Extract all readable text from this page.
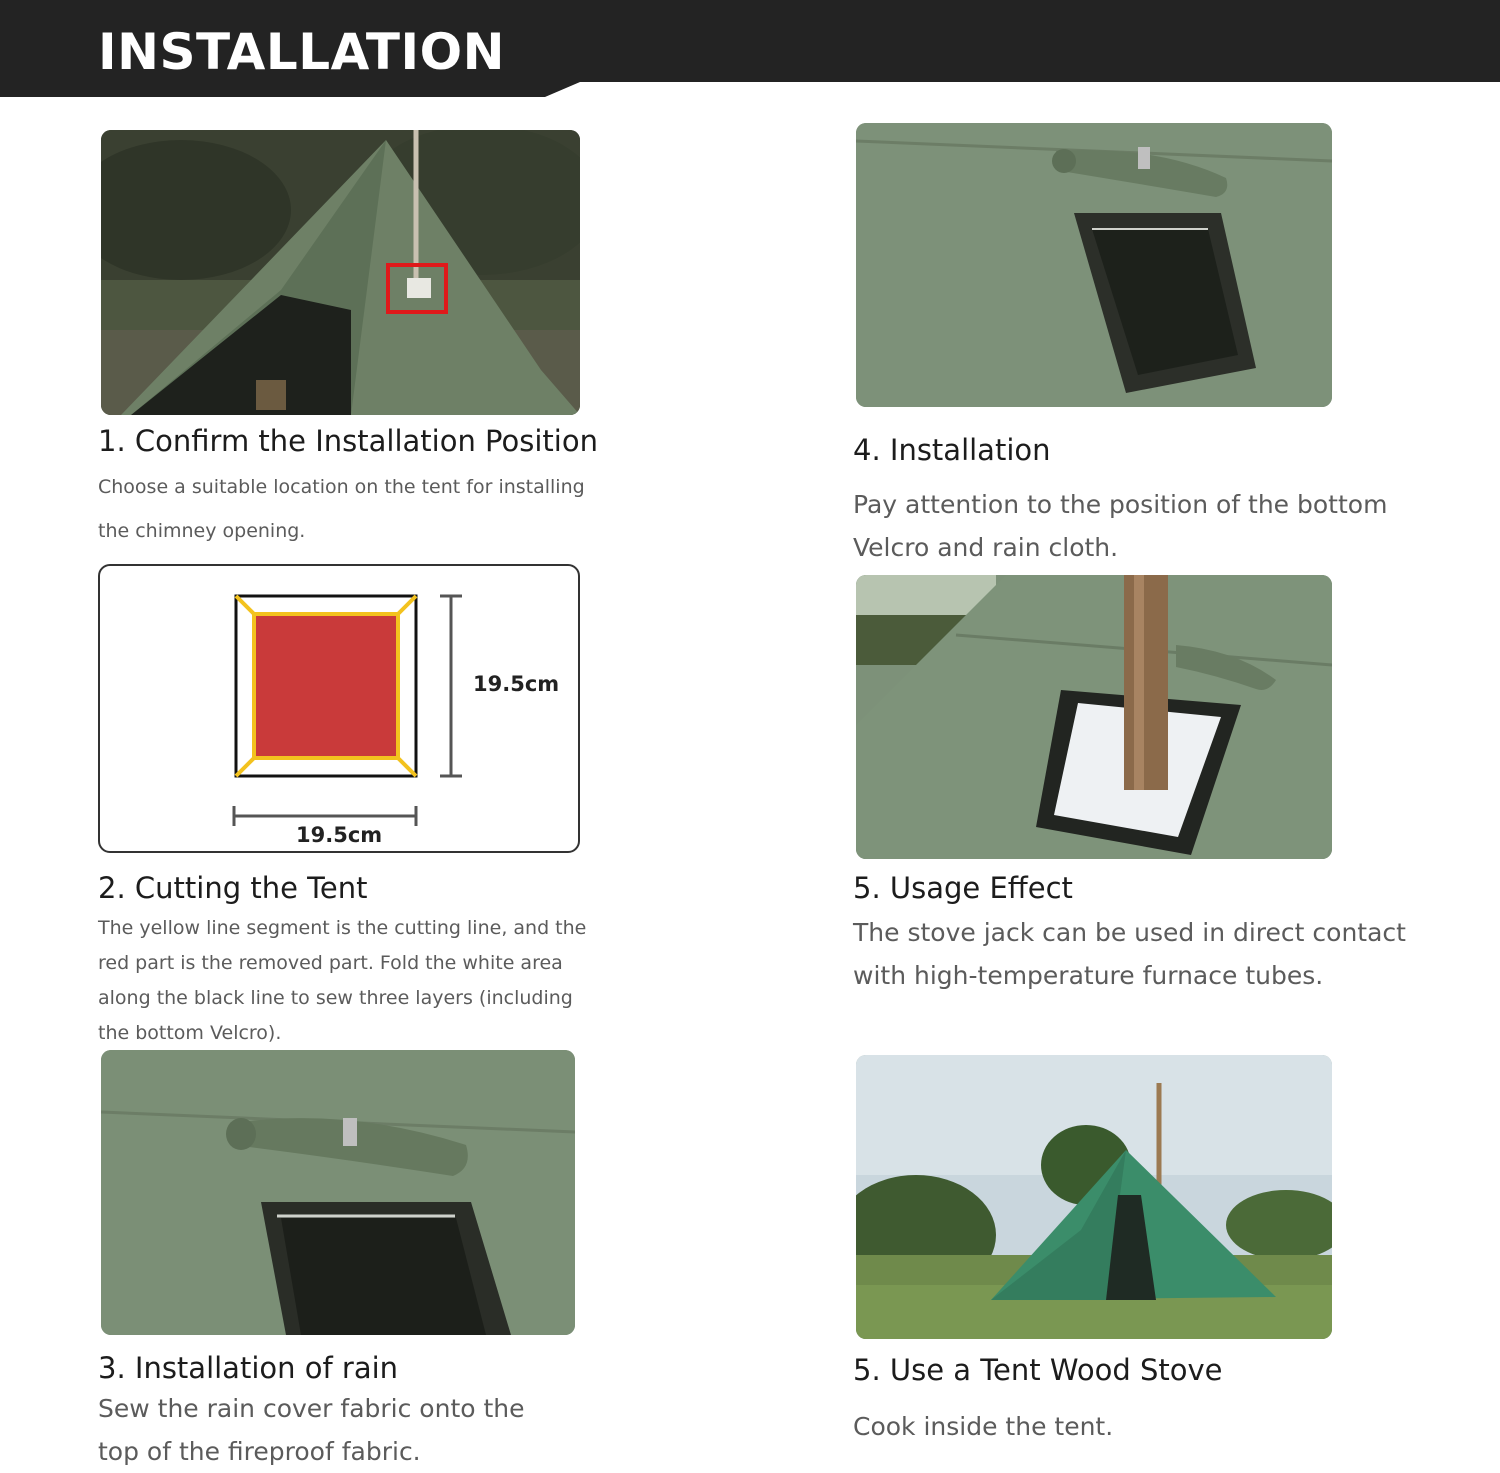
INSTALLATION
1. Confirm the Installation Position

Choose a suitable location on the tent for installing the chimney opening.

19.5cm
19.5cm
2. Cutting the Tent

The yellow line segment is the cutting line, and the red part is the removed part. Fold the white area along the black line to sew three layers (including the bottom Velcro).

3. Installation of rain

Sew the rain cover fabric onto the top of the fireproof fabric.

4. Installation

Pay attention to the position of the bottom Velcro and rain cloth.

5. Usage Effect

The stove jack can be used in direct contact with high-temperature furnace tubes.

5. Use a Tent Wood Stove

Cook inside the tent.
